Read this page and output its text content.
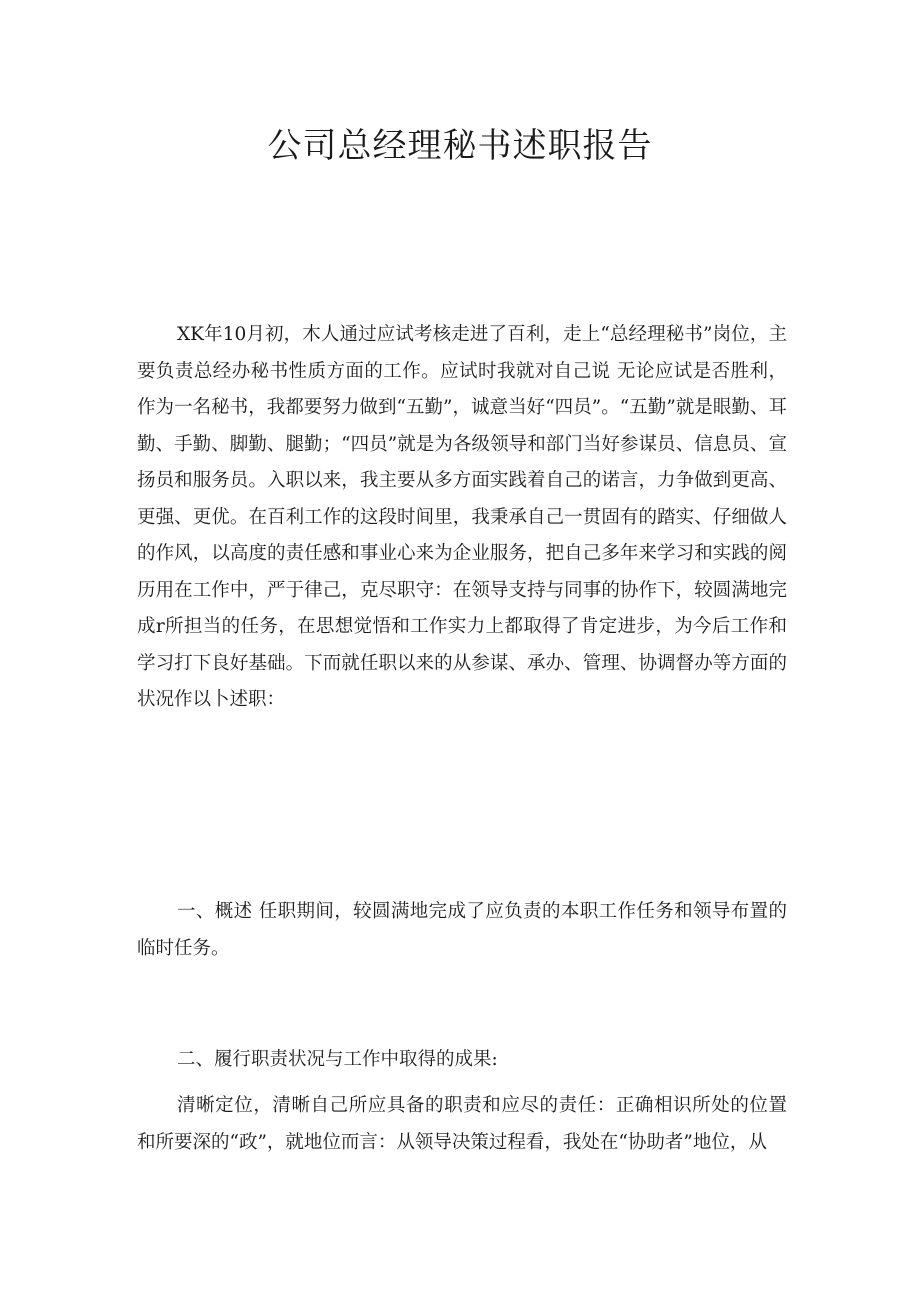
公司总经理秘书述职报告

XK年10月初，木人通过应试考核走进了百利，走上“总经理秘书”岗位，主要负责总经办秘书性质方面的工作。应试时我就对自己说 无论应试是否胜利，作为一名秘书，我都要努力做到“五勤”，诚意当好“四员”。“五勤”就是眼勤、耳勤、手勤、脚勤、腿勤；“四员”就是为各级领导和部门当好参谋员、信息员、宣扬员和服务员。入职以来，我主要从多方面实践着自己的诺言，力争做到更高、更强、更优。在百利工作的这段时间里，我秉承自己一贯固有的踏实、仔细做人的作风，以高度的责任感和事业心来为企业服务，把自己多年来学习和实践的阅历用在工作中，严于律己，克尽职守：在领导支持与同事的协作下，较圆满地完成r所担当的任务，在思想觉悟和工作实力上都取得了肯定进步，为今后工作和学习打下良好基础。下而就任职以来的从参谋、承办、管理、协调督办等方面的状况作以卜述职：

一、概述 任职期间，较圆满地完成了应负责的本职工作任务和领导布置的临时任务。

二、履行职责状况与工作中取得的成果:

清晰定位，清晰自己所应具备的职责和应尽的责任：正确相识所处的位置和所要深的“政”，就地位而言：从领导决策过程看，我处在“协助者”地位，从
